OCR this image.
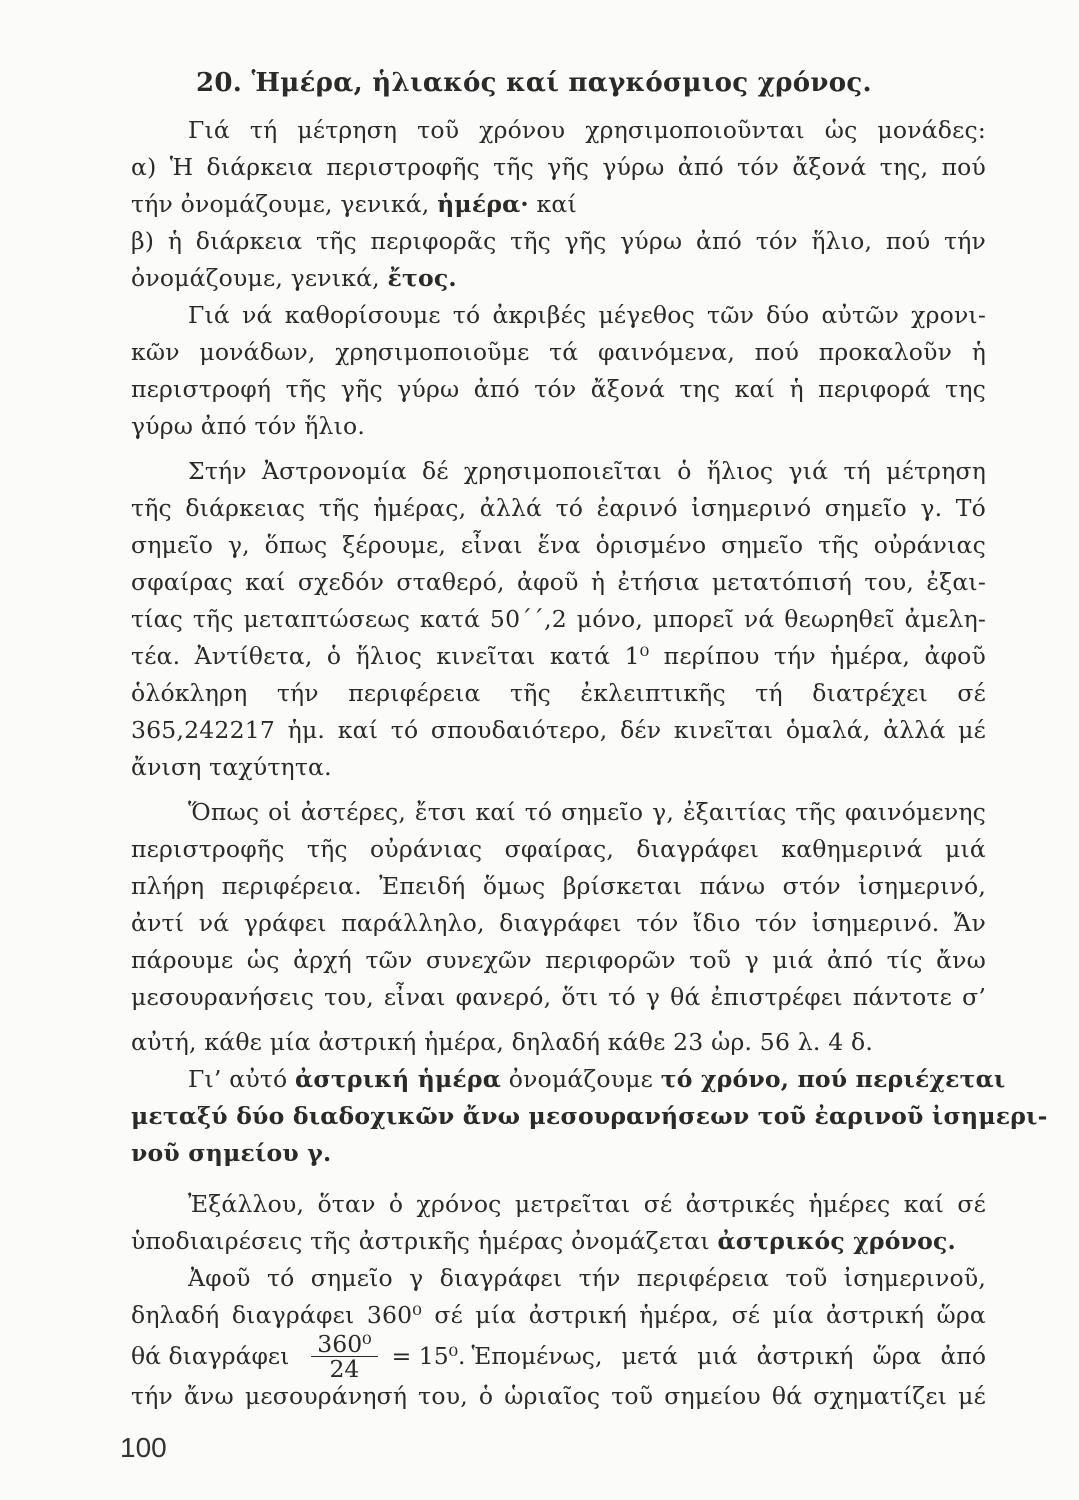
20. Ἡμέρα, ἡλιακός καί παγκόσμιος χρόνος.
Γιά τή μέτρηση τοῦ χρόνου χρησιμοποιοῦνται ὡς μονάδες:
α) Ἡ διάρκεια περιστροφῆς τῆς γῆς γύρω ἀπό τόν ἄξονά της, πού
τήν ὀνομάζουμε, γενικά, ἡμέρα· καί
β) ἡ διάρκεια τῆς περιφορᾶς τῆς γῆς γύρω ἀπό τόν ἥλιο, πού τήν
ὀνομάζουμε, γενικά, ἔτος.
Γιά νά καθορίσουμε τό ἀκριβές μέγεθος τῶν δύο αὐτῶν χρονι-
κῶν μονάδων, χρησιμοποιοῦμε τά φαινόμενα, πού προκαλοῦν ἡ
περιστροφή τῆς γῆς γύρω ἀπό τόν ἄξονά της καί ἡ περιφορά της
γύρω ἀπό τόν ἥλιο.
Στήν Ἀστρονομία δέ χρησιμοποιεῖται ὁ ἥλιος γιά τή μέτρηση
τῆς διάρκειας τῆς ἡμέρας, ἀλλά τό ἐαρινό ἰσημερινό σημεῖο γ. Τό
σημεῖο γ, ὅπως ξέρουμε, εἶναι ἕνα ὁρισμένο σημεῖο τῆς οὐράνιας
σφαίρας καί σχεδόν σταθερό, ἀφοῦ ἡ ἐτήσια μετατόπισή του, ἐξαι-
τίας τῆς μεταπτώσεως κατά 50΄΄,2 μόνο, μπορεῖ νά θεωρηθεῖ ἀμελη-
τέα. Ἀντίθετα, ὁ ἥλιος κινεῖται κατά 1⁰ περίπου τήν ἡμέρα, ἀφοῦ
ὁλόκληρη τήν περιφέρεια τῆς ἐκλειπτικῆς τή διατρέχει σέ
365,242217 ἡμ. καί τό σπουδαιότερο, δέν κινεῖται ὁμαλά, ἀλλά μέ
ἄνιση ταχύτητα.
Ὅπως οἱ ἀστέρες, ἔτσι καί τό σημεῖο γ, ἐξαιτίας τῆς φαινόμενης
περιστροφῆς τῆς οὐράνιας σφαίρας, διαγράφει καθημερινά μιά
πλήρη περιφέρεια. Ἐπειδή ὅμως βρίσκεται πάνω στόν ἰσημερινό,
ἀντί νά γράφει παράλληλο, διαγράφει τόν ἴδιο τόν ἰσημερινό. Ἄν
πάρουμε ὡς ἀρχή τῶν συνεχῶν περιφορῶν τοῦ γ μιά ἀπό τίς ἄνω
μεσουρανήσεις του, εἶναι φανερό, ὅτι τό γ θά ἐπιστρέφει πάντοτε σ’
αὐτή, κάθε μία ἀστρική ἡμέρα, δηλαδή κάθε 23 ὡρ. 56 λ. 4 δ.
Γι’ αὐτό ἀστρική ἡμέρα ὀνομάζουμε τό χρόνο, πού περιέχεται
μεταξύ δύο διαδοχικῶν ἄνω μεσουρανήσεων τοῦ ἐαρινοῦ ἰσημερι-
νοῦ σημείου γ.
Ἐξάλλου, ὅταν ὁ χρόνος μετρεῖται σέ ἀστρικές ἡμέρες καί σέ
ὑποδιαιρέσεις τῆς ἀστρικῆς ἡμέρας ὀνομάζεται ἀστρικός χρόνος.
Ἀφοῦ τό σημεῖο γ διαγράφει τήν περιφέρεια τοῦ ἰσημερινοῦ,
δηλαδή διαγράφει 360⁰ σέ μία ἀστρική ἡμέρα, σέ μία ἀστρική ὥρα
θά διαγράφει $\frac{\text{360⁰}}{24} = 15^0$. Ἑπομένως, μετά μιά ἀστρική ὥρα ἀπό
τήν ἄνω μεσουράνησή του, ὁ ὡριαῖος τοῦ σημείου θά σχηματίζει μέ
100
